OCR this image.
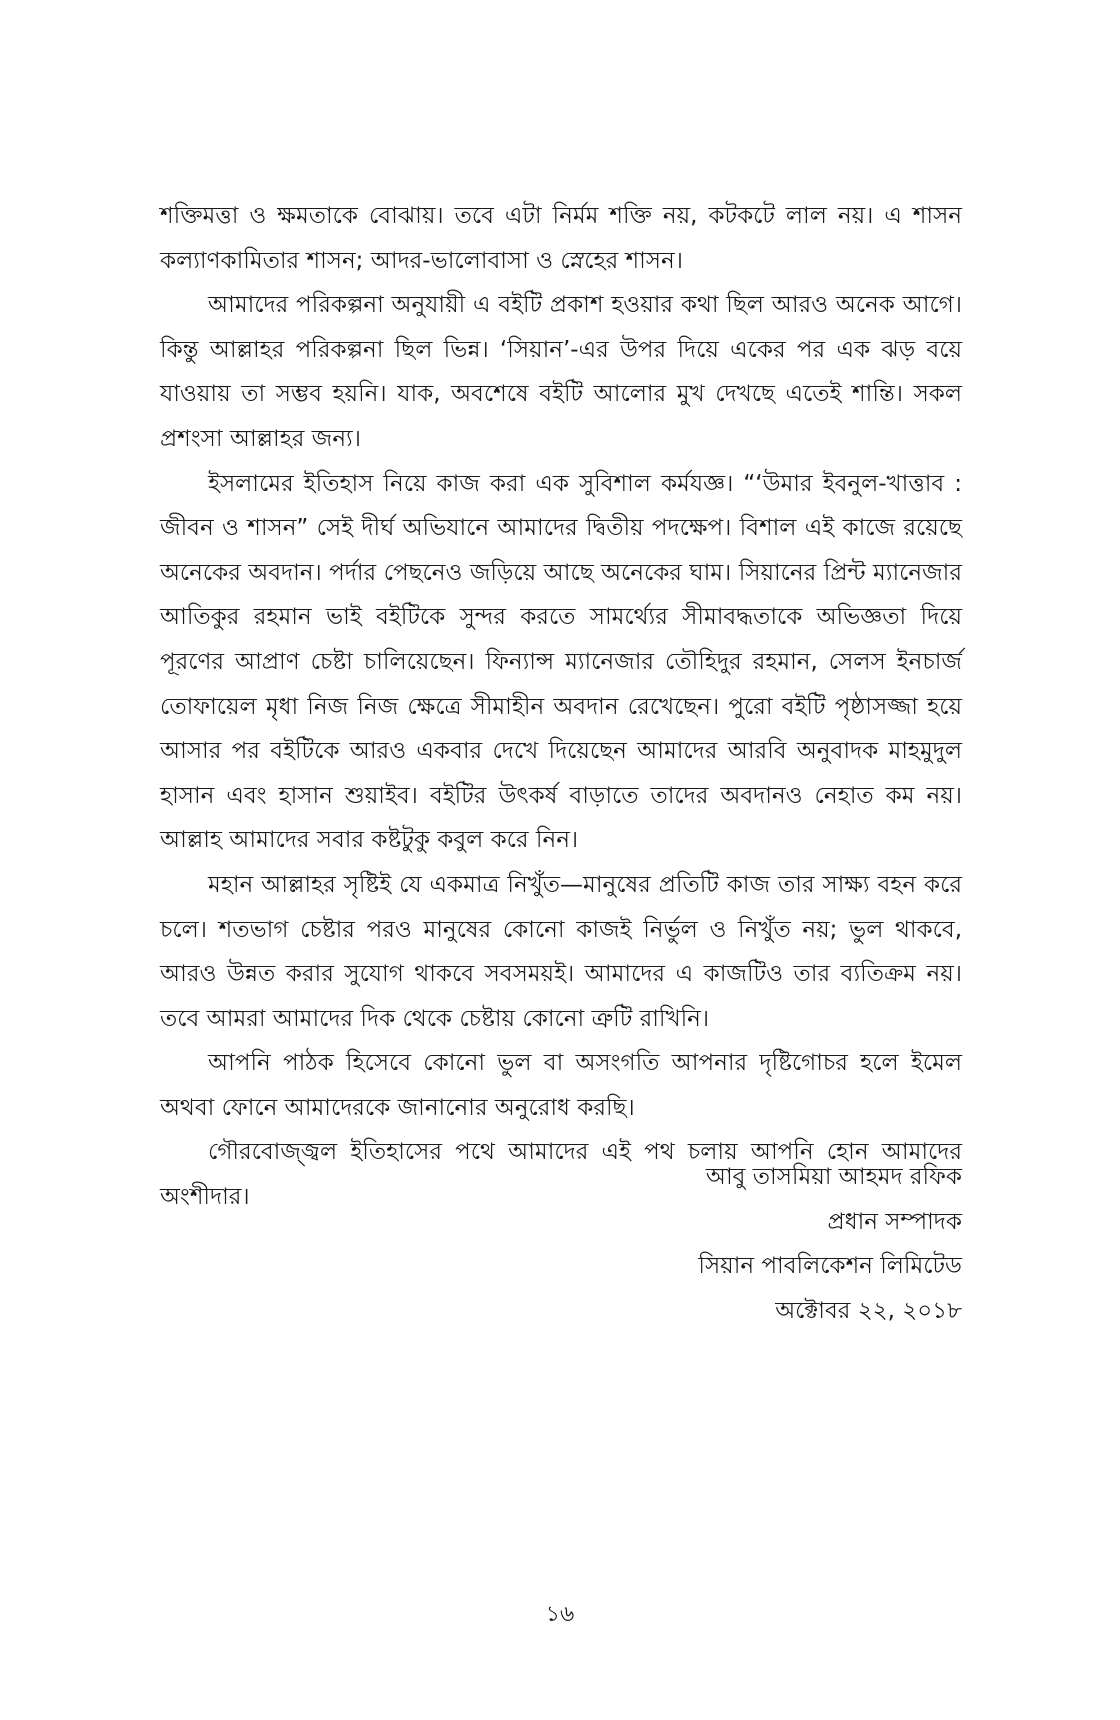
শক্তিমত্তা ও ক্ষমতাকে বোঝায়। তবে এটা নির্মম শক্তি নয়, কটকটে লাল নয়। এ শাসন কল্যাণকামিতার শাসন; আদর-ভালোবাসা ও স্নেহের শাসন।

আমাদের পরিকল্পনা অনুযায়ী এ বইটি প্রকাশ হওয়ার কথা ছিল আরও অনেক আগে। কিন্তু আল্লাহর পরিকল্পনা ছিল ভিন্ন। ‘সিয়ান’-এর উপর দিয়ে একের পর এক ঝড় বয়ে যাওয়ায় তা সম্ভব হয়নি। যাক, অবশেষে বইটি আলোর মুখ দেখছে এতেই শান্তি। সকল প্রশংসা আল্লাহর জন্য।

ইসলামের ইতিহাস নিয়ে কাজ করা এক সুবিশাল কর্মযজ্ঞ। “‘উমার ইবনুল-খাত্তাব : জীবন ও শাসন” সেই দীর্ঘ অভিযানে আমাদের দ্বিতীয় পদক্ষেপ। বিশাল এই কাজে রয়েছে অনেকের অবদান। পর্দার পেছনেও জড়িয়ে আছে অনেকের ঘাম। সিয়ানের প্রিন্ট ম্যানেজার আতিকুর রহমান ভাই বইটিকে সুন্দর করতে সামর্থ্যের সীমাবদ্ধতাকে অভিজ্ঞতা দিয়ে পূরণের আপ্রাণ চেষ্টা চালিয়েছেন। ফিন্যান্স ম্যানেজার তৌহিদুর রহমান, সেলস ইনচার্জ তোফায়েল মৃধা নিজ নিজ ক্ষেত্রে সীমাহীন অবদান রেখেছেন। পুরো বইটি পৃষ্ঠাসজ্জা হয়ে আসার পর বইটিকে আরও একবার দেখে দিয়েছেন আমাদের আরবি অনুবাদক মাহমুদুল হাসান এবং হাসান শুয়াইব। বইটির উৎকর্ষ বাড়াতে তাদের অবদানও নেহাত কম নয়। আল্লাহ আমাদের সবার কষ্টটুকু কবুল করে নিন।

মহান আল্লাহর সৃষ্টিই যে একমাত্র নিখুঁত—মানুষের প্রতিটি কাজ তার সাক্ষ্য বহন করে চলে। শতভাগ চেষ্টার পরও মানুষের কোনো কাজই নির্ভুল ও নিখুঁত নয়; ভুল থাকবে, আরও উন্নত করার সুযোগ থাকবে সবসময়ই। আমাদের এ কাজটিও তার ব্যতিক্রম নয়। তবে আমরা আমাদের দিক থেকে চেষ্টায় কোনো ত্রুটি রাখিনি।

আপনি পাঠক হিসেবে কোনো ভুল বা অসংগতি আপনার দৃষ্টিগোচর হলে ইমেল অথবা ফোনে আমাদেরকে জানানোর অনুরোধ করছি।

গৌরবোজ্জ্বল ইতিহাসের পথে আমাদের এই পথ চলায় আপনি হোন আমাদের অংশীদার।

আবু তাসমিয়া আহমদ রফিক
প্রধান সম্পাদক
সিয়ান পাবলিকেশন লিমিটেড
অক্টোবর ২২, ২০১৮
১৬
